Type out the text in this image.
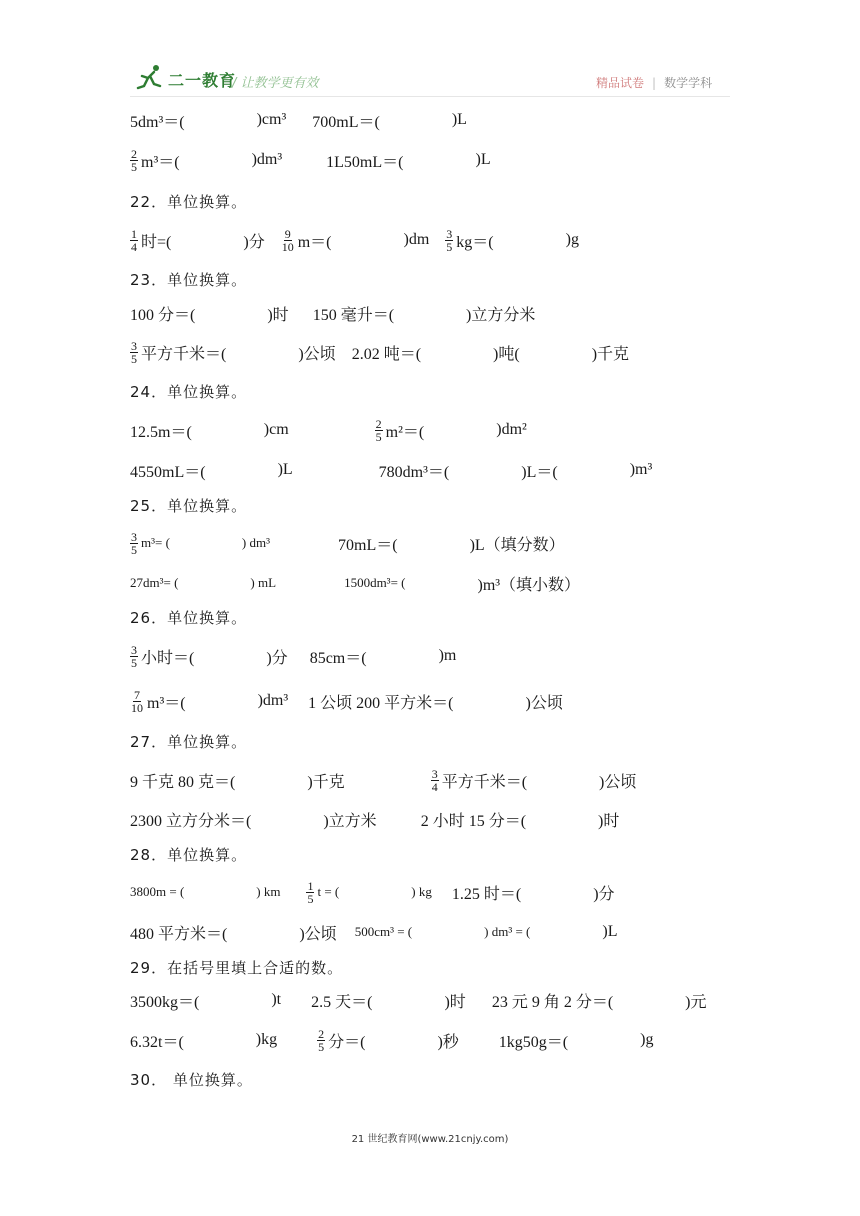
二一教育
/ 让教学更有效	精品试卷 | 数学学科
5dm³＝(	)cm³ 700mL＝(	)L
$\frac{2}{5} m^3=$(	)dm³	1L50mL＝(	)L
22．单位换算。
$\frac{1}{4}$ 时=(	)分 $\frac{9}{10} m=$(	)$dm \frac{3}{5} kg=$(	)g
23．单位换算。
100 分＝(	)时 150 毫升＝(	)立方分米
$\frac{3}{5}$ 平方千米＝(	)公顷 2.02 吨＝(	)吨(	)千克
24．单位换算。
12.5m＝(	)cm	$\frac{2}{5} m^2=$(	)dm²
4550mL＝(	)L	780dm³＝(	)L＝(	)m³
25．单位换算。
$\frac{3}{5} m^3=$ (	) dm³	70mL＝(	)L（填分数）
27dm³= (	) mL	1500dm³= (	)m³（填小数）
26．单位换算。
$\frac{3}{5}$ 小时＝(	)分 85cm＝(	)m
$\frac{7}{10} m^3=$(	)dm³ 1 公顷 200 平方米＝(	)公顷
27．单位换算。
9 千克 80 克＝(	)千克	$\frac{3}{4}$ 平方千米＝(	)公顷
2300 立方分米＝(	)立方米	2 小时 15 分＝(	)时
28．单位换算。
3800m = (	) km $\frac{1}{5}$ t = (	) kg 1.25 时＝(	)分
480 平方米＝(	)公顷 500cm³ = (	) dm³ = (	)L
29．在括号里填上合适的数。
3500kg＝(	)t 2.5 天＝(	)时 23 元 9 角 2 分＝(	)元
6.32t＝(	)kg	$\frac{2}{5}$ 分＝(	)秒	1kg50g＝(	)g
30． 单位换算。
21 世纪教育网(www.21cnjy.com)
